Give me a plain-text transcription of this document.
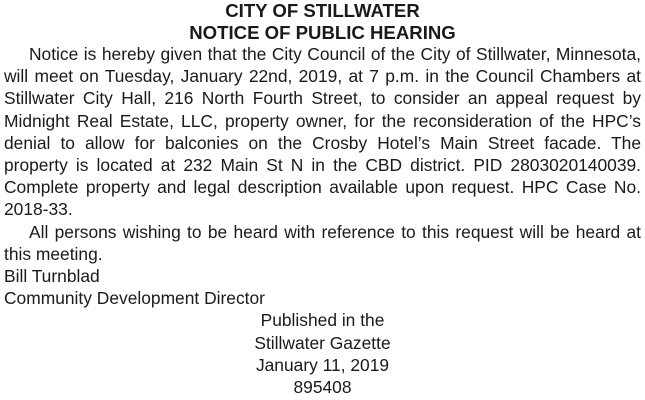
CITY OF STILLWATER
NOTICE OF PUBLIC HEARING

Notice is hereby given that the City Council of the City of Stillwater, Minnesota, will meet on Tuesday, January 22nd, 2019, at 7 p.m. in the Council Chambers at Stillwater City Hall, 216 North Fourth Street, to consider an appeal request by Midnight Real Estate, LLC, property owner, for the reconsideration of the HPC’s denial to allow for balconies on the Crosby Hotel’s Main Street facade. The property is located at 232 Main St N in the CBD district. PID 2803020140039. Complete property and legal description available upon request. HPC Case No. 2018-33.

All persons wishing to be heard with reference to this request will be heard at this meeting.

Bill Turnblad

Community Development Director

Published in the

Stillwater Gazette

January 11, 2019

895408
